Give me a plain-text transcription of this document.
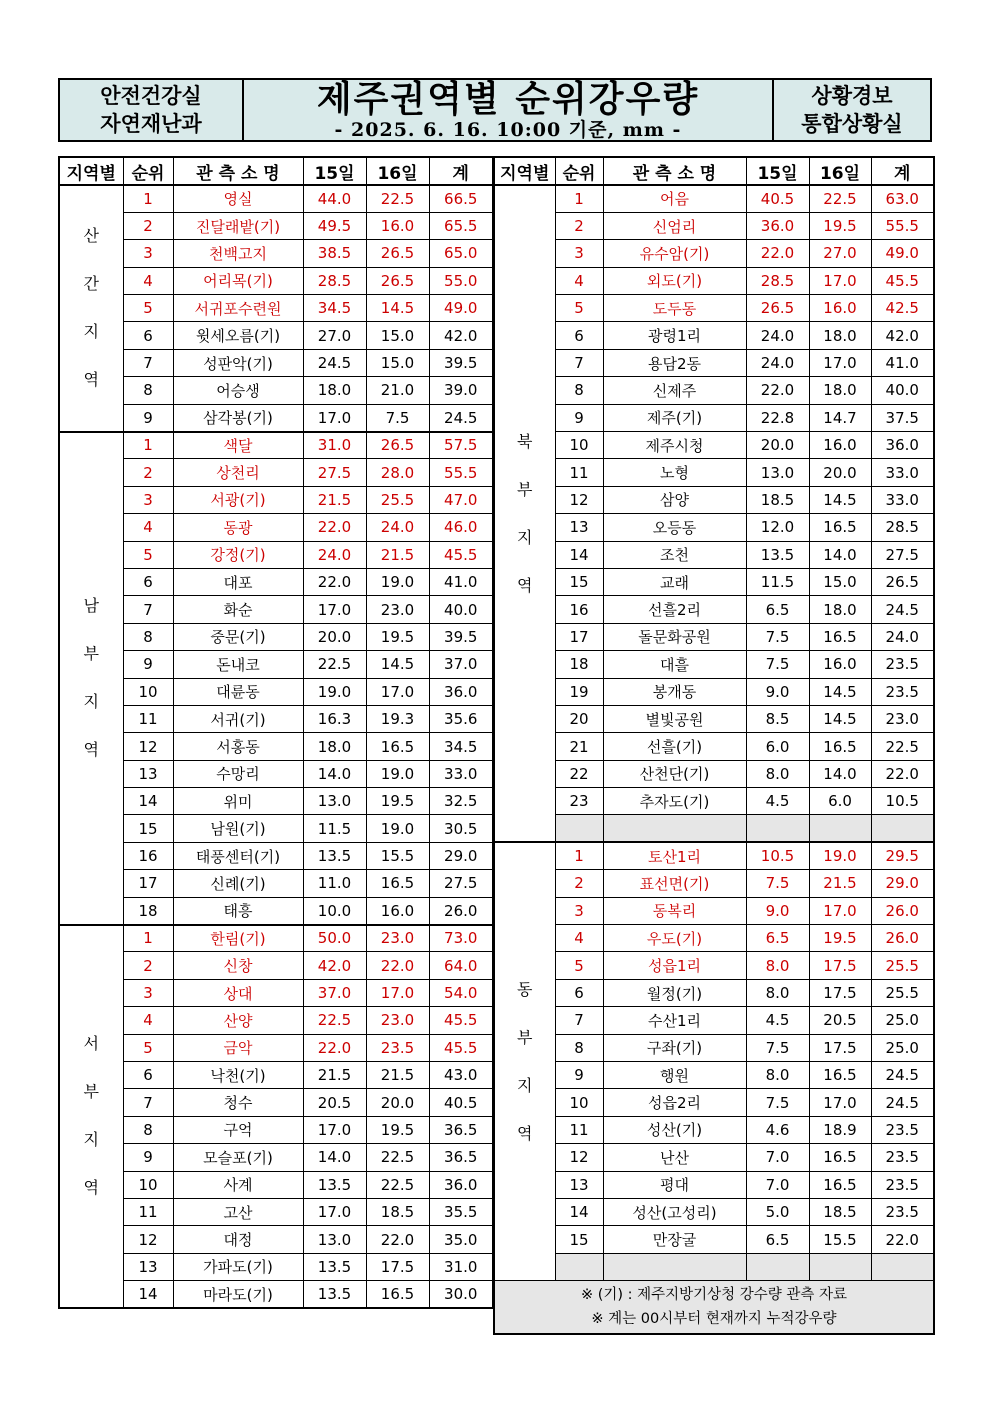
안전건강실
자연재난과
제주권역별 순위강우량
- 2025. 6. 16. 10:00 기준, mm -
상황경보
통합상황실
지역별	순위	관 측 소 명	15일	16일	계

산
간
지
역	1	영실	44.0	22.5	66.5
	2	진달래밭(기)	49.5	16.0	65.5
	3	천백고지	38.5	26.5	65.0
	4	어리목(기)	28.5	26.5	55.0
	5	서귀포수련원	34.5	14.5	49.0
	6	윗세오름(기)	27.0	15.0	42.0
	7	성판악(기)	24.5	15.0	39.5
	8	어승생	18.0	21.0	39.0
	9	삼각봉(기)	17.0	7.5	24.5

남
부
지
역	1	색달	31.0	26.5	57.5
	2	상천리	27.5	28.0	55.5
	3	서광(기)	21.5	25.5	47.0
	4	동광	22.0	24.0	46.0
	5	강정(기)	24.0	21.5	45.5
	6	대포	22.0	19.0	41.0
	7	화순	17.0	23.0	40.0
	8	중문(기)	20.0	19.5	39.5
	9	돈내코	22.5	14.5	37.0
	10	대륜동	19.0	17.0	36.0
	11	서귀(기)	16.3	19.3	35.6
	12	서홍동	18.0	16.5	34.5
	13	수망리	14.0	19.0	33.0
	14	위미	13.0	19.5	32.5
	15	남원(기)	11.5	19.0	30.5
	16	태풍센터(기)	13.5	15.5	29.0
	17	신례(기)	11.0	16.5	27.5
	18	태흥	10.0	16.0	26.0

서
부
지
역	1	한림(기)	50.0	23.0	73.0
	2	신창	42.0	22.0	64.0
	3	상대	37.0	17.0	54.0
	4	산양	22.5	23.0	45.5
	5	금악	22.0	23.5	45.5
	6	낙천(기)	21.5	21.5	43.0
	7	청수	20.5	20.0	40.5
	8	구억	17.0	19.5	36.5
	9	모슬포(기)	14.0	22.5	36.5
	10	사계	13.5	22.5	36.0
	11	고산	17.0	18.5	35.5
	12	대정	13.0	22.0	35.0
	13	가파도(기)	13.5	17.5	31.0
	14	마라도(기)	13.5	16.5	30.0
지역별	순위	관 측 소 명	15일	16일	계

북
부
지
역	1	어음	40.5	22.5	63.0
	2	신엄리	36.0	19.5	55.5
	3	유수암(기)	22.0	27.0	49.0
	4	외도(기)	28.5	17.0	45.5
	5	도두동	26.5	16.0	42.5
	6	광령1리	24.0	18.0	42.0
	7	용담2동	24.0	17.0	41.0
	8	신제주	22.0	18.0	40.0
	9	제주(기)	22.8	14.7	37.5
	10	제주시청	20.0	16.0	36.0
	11	노형	13.0	20.0	33.0
	12	삼양	18.5	14.5	33.0
	13	오등동	12.0	16.5	28.5
	14	조천	13.5	14.0	27.5
	15	교래	11.5	15.0	26.5
	16	선흘2리	6.5	18.0	24.5
	17	돌문화공원	7.5	16.5	24.0
	18	대흘	7.5	16.0	23.5
	19	봉개동	9.0	14.5	23.5
	20	별빛공원	8.5	14.5	23.0
	21	선흘(기)	6.0	16.5	22.5
	22	산천단(기)	8.0	14.0	22.0
	23	추자도(기)	4.5	6.0	10.5

동
부
지
역	1	토산1리	10.5	19.0	29.5
	2	표선면(기)	7.5	21.5	29.0
	3	동복리	9.0	17.0	26.0
	4	우도(기)	6.5	19.5	26.0
	5	성읍1리	8.0	17.5	25.5
	6	월정(기)	8.0	17.5	25.5
	7	수산1리	4.5	20.5	25.0
	8	구좌(기)	7.5	17.5	25.0
	9	행원	8.0	16.5	24.5
	10	성읍2리	7.5	17.0	24.5
	11	성산(기)	4.6	18.9	23.5
	12	난산	7.0	16.5	23.5
	13	평대	7.0	16.5	23.5
	14	성산(고성리)	5.0	18.5	23.5
	15	만장굴	6.5	15.5	22.0

※ (기) : 제주지방기상청 강수량 관측 자료
※ 계는 00시부터 현재까지 누적강우량					
